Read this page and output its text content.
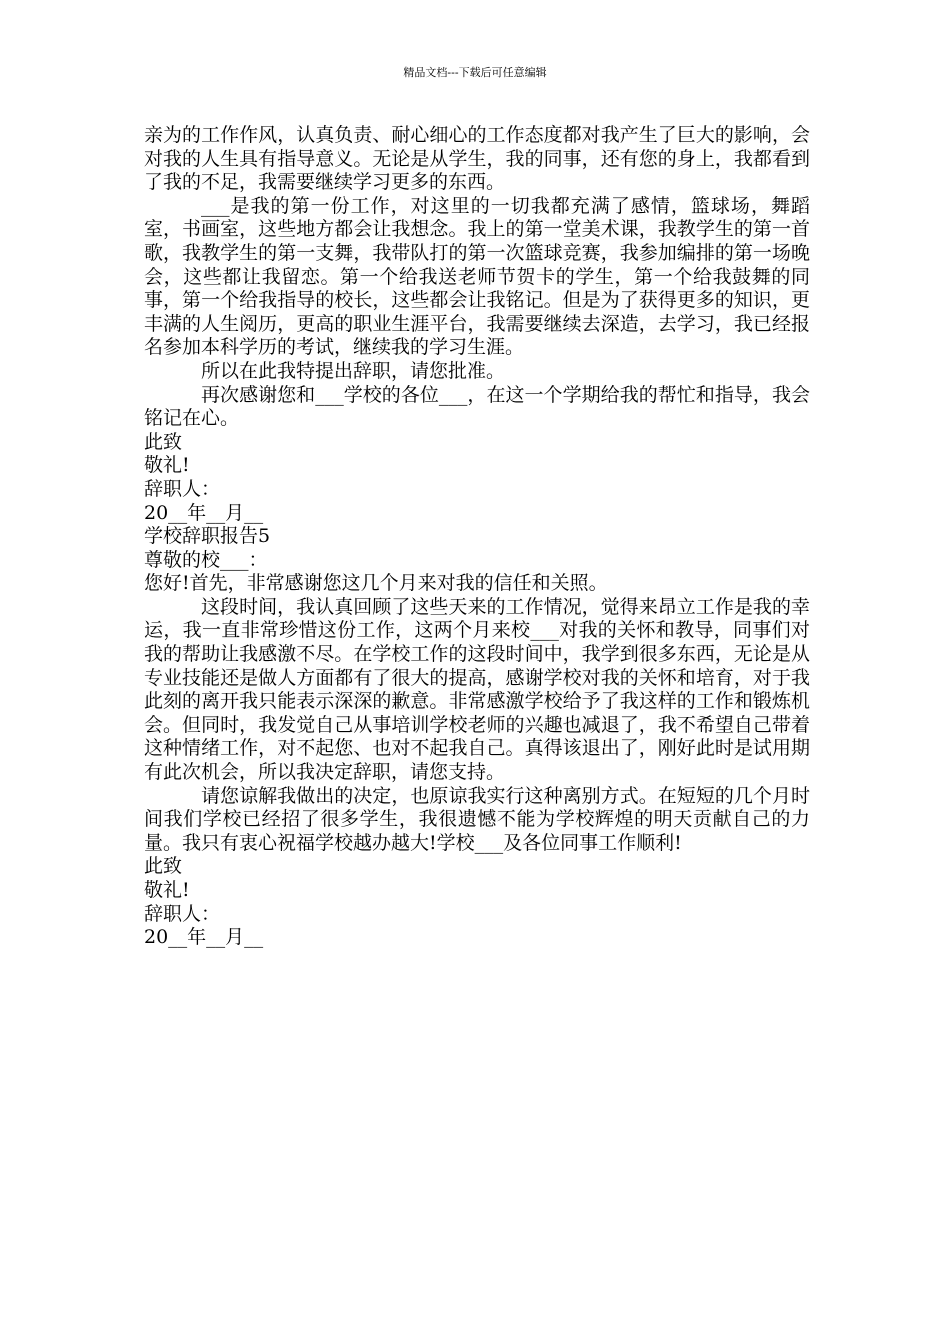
精品文档---下载后可任意编辑

亲为的工作作风，认真负责、耐心细心的工作态度都对我产生了巨大的影响，会对我的人生具有指导意义。无论是从学生，我的同事，还有您的身上，我都看到了我的不足，我需要继续学习更多的东西。

___是我的第一份工作，对这里的一切我都充满了感情，篮球场，舞蹈室，书画室，这些地方都会让我想念。我上的第一堂美术课，我教学生的第一首歌，我教学生的第一支舞，我带队打的第一次篮球竞赛，我参加编排的第一场晚会，这些都让我留恋。第一个给我送老师节贺卡的学生，第一个给我鼓舞的同事，第一个给我指导的校长，这些都会让我铭记。但是为了获得更多的知识，更丰满的人生阅历，更高的职业生涯平台，我需要继续去深造，去学习，我已经报名参加本科学历的考试，继续我的学习生涯。

所以在此我特提出辞职，请您批准。

再次感谢您和___学校的各位___，在这一个学期给我的帮忙和指导，我会铭记在心。

此致

敬礼!

辞职人：

20__年__月__

学校辞职报告5

尊敬的校___：

您好!首先，非常感谢您这几个月来对我的信任和关照。

这段时间，我认真回顾了这些天来的工作情况，觉得来昂立工作是我的幸运，我一直非常珍惜这份工作，这两个月来校___对我的关怀和教导，同事们对我的帮助让我感激不尽。在学校工作的这段时间中，我学到很多东西，无论是从专业技能还是做人方面都有了很大的提高，感谢学校对我的关怀和培育，对于我此刻的离开我只能表示深深的歉意。非常感激学校给予了我这样的工作和锻炼机会。但同时，我发觉自己从事培训学校老师的兴趣也减退了，我不希望自己带着这种情绪工作，对不起您、也对不起我自己。真得该退出了，刚好此时是试用期有此次机会，所以我决定辞职，请您支持。

请您谅解我做出的决定，也原谅我实行这种离别方式。在短短的几个月时间我们学校已经招了很多学生，我很遗憾不能为学校辉煌的明天贡献自己的力量。我只有衷心祝福学校越办越大!学校___及各位同事工作顺利!

此致

敬礼!

辞职人：

20__年__月__
